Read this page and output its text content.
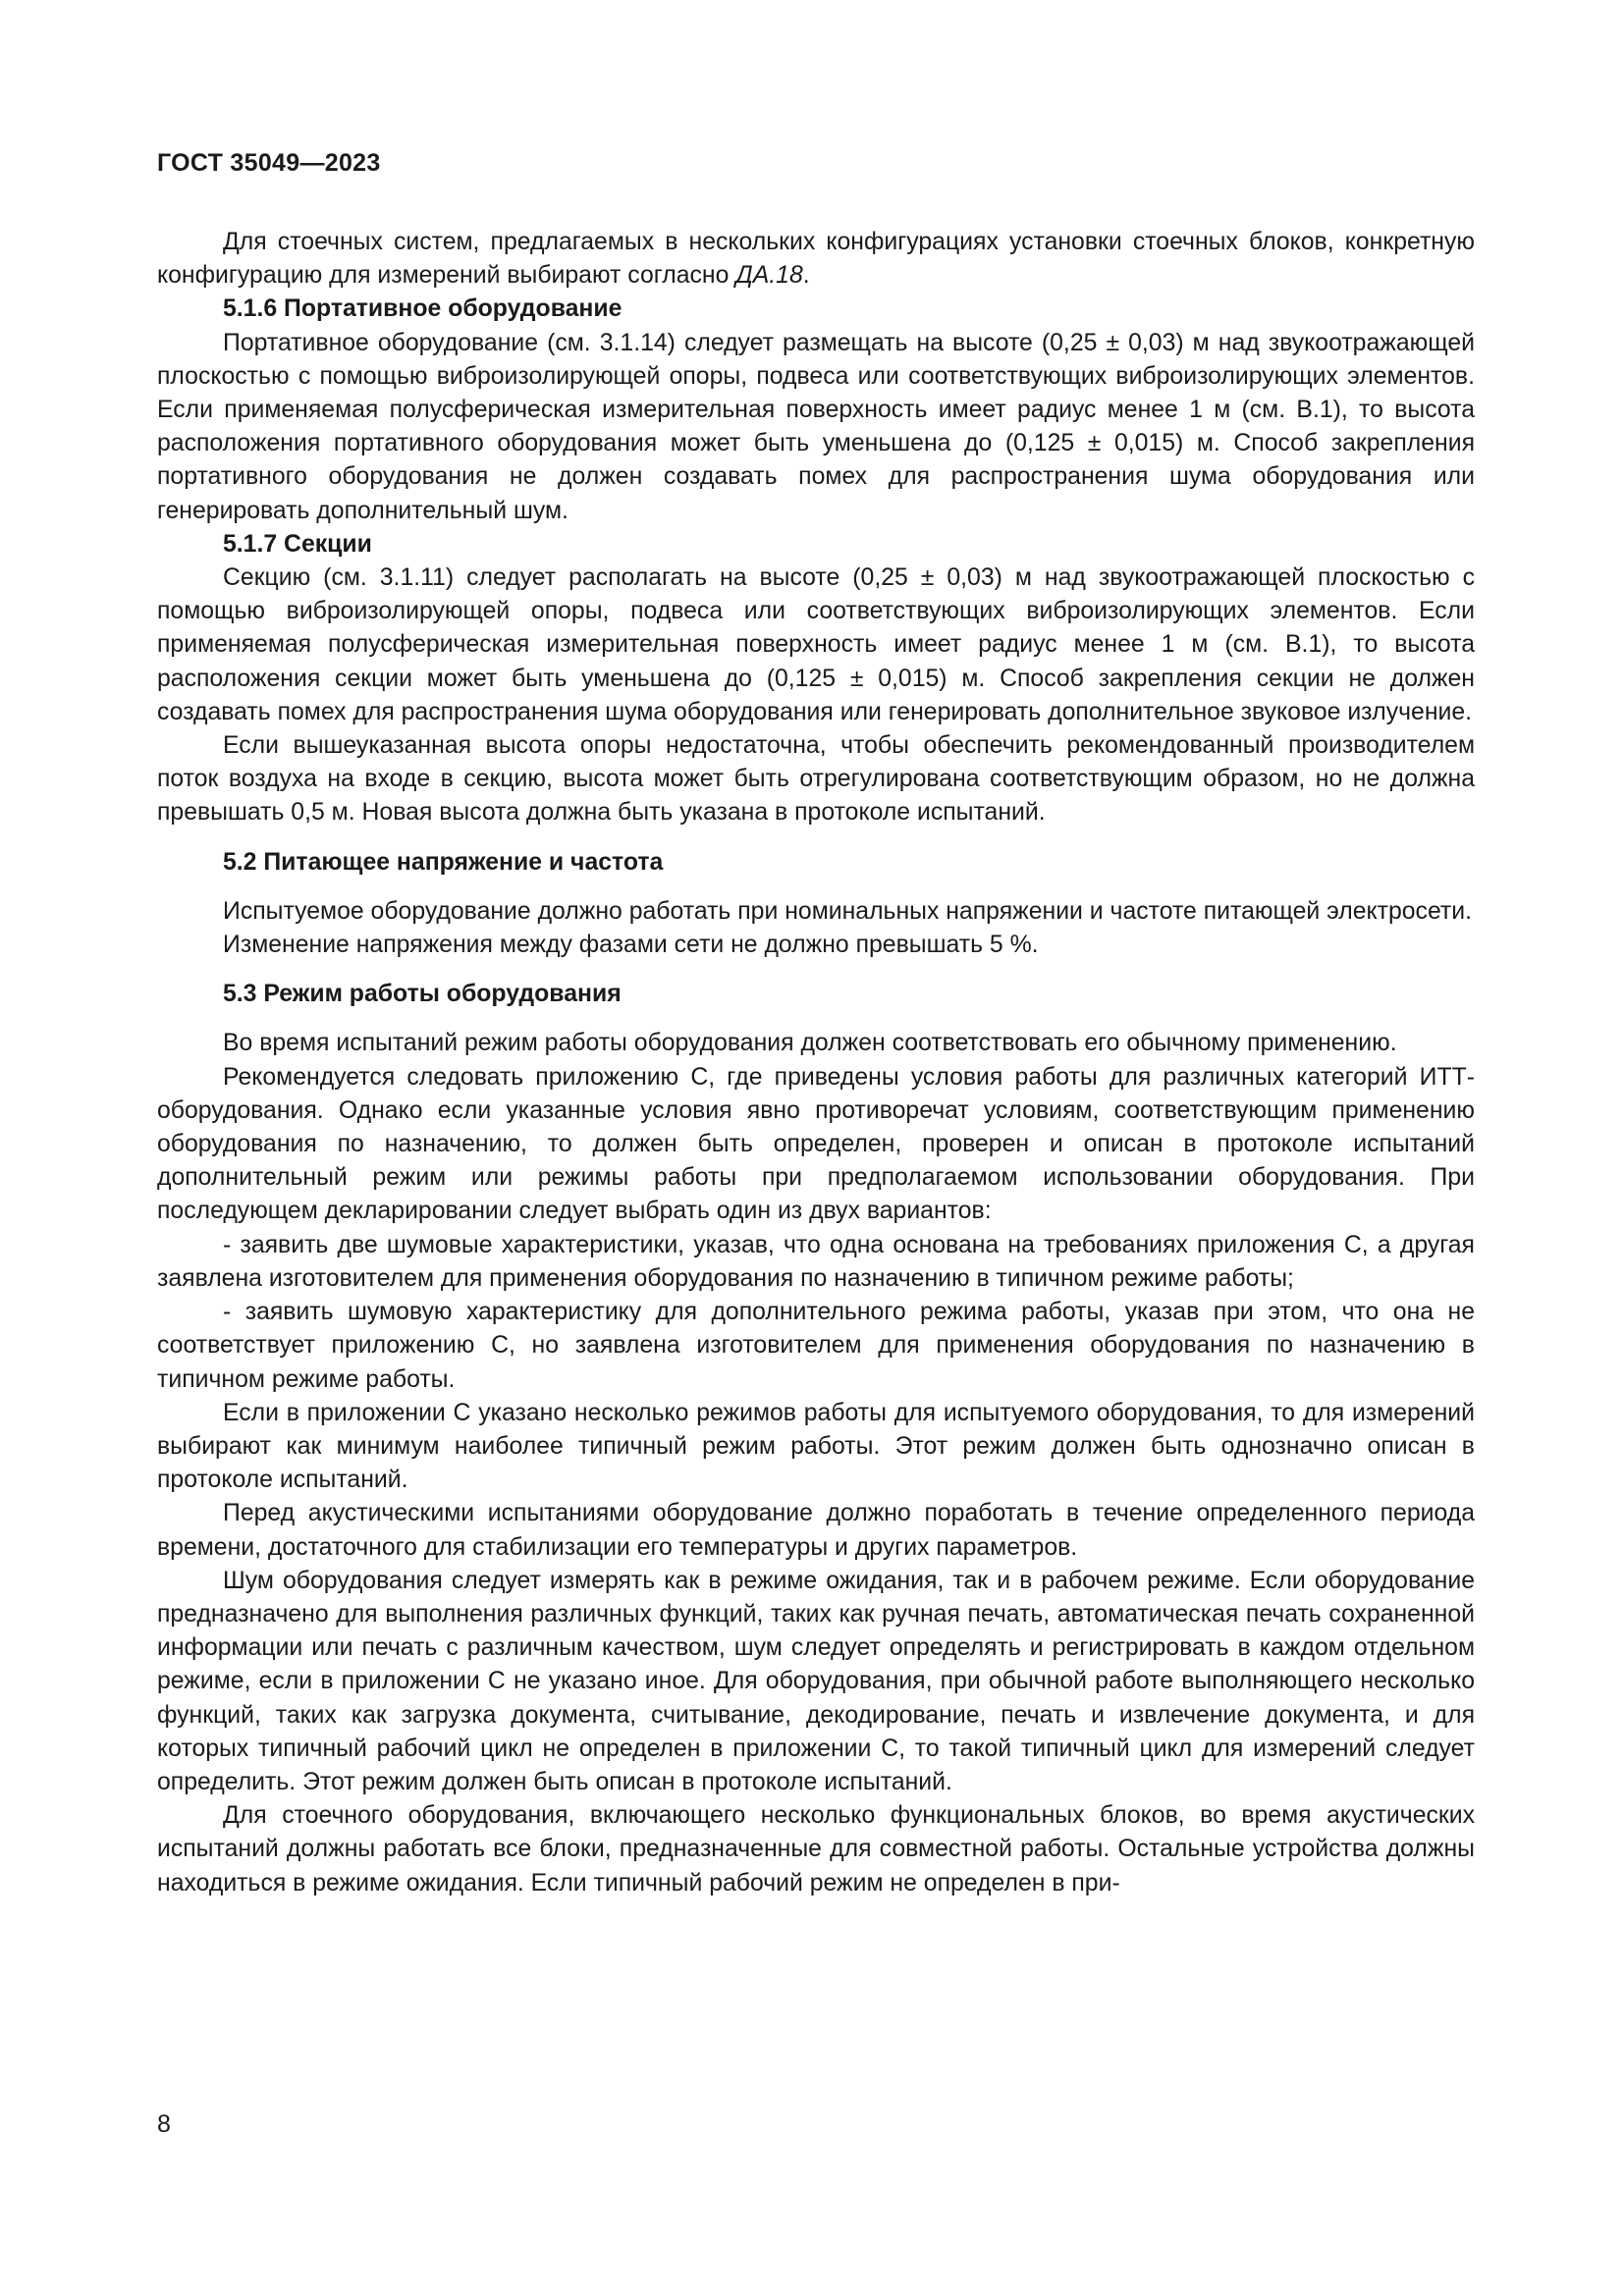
ГОСТ 35049—2023

Для стоечных систем, предлагаемых в нескольких конфигурациях установки стоечных блоков, конкретную конфигурацию для измерений выбирают согласно ДА.18.

5.1.6 Портативное оборудование

Портативное оборудование (см. 3.1.14) следует размещать на высоте (0,25 ± 0,03) м над звукоотражающей плоскостью с помощью виброизолирующей опоры, подвеса или соответствующих виброизолирующих элементов. Если применяемая полусферическая измерительная поверхность имеет радиус менее 1 м (см. В.1), то высота расположения портативного оборудования может быть уменьшена до (0,125 ± 0,015) м. Способ закрепления портативного оборудования не должен создавать помех для распространения шума оборудования или генерировать дополнительный шум.

5.1.7 Секции

Секцию (см. 3.1.11) следует располагать на высоте (0,25 ± 0,03) м над звукоотражающей плоскостью с помощью виброизолирующей опоры, подвеса или соответствующих виброизолирующих элементов. Если применяемая полусферическая измерительная поверхность имеет радиус менее 1 м (см. В.1), то высота расположения секции может быть уменьшена до (0,125 ± 0,015) м. Способ закрепления секции не должен создавать помех для распространения шума оборудования или генерировать дополнительное звуковое излучение.

Если вышеуказанная высота опоры недостаточна, чтобы обеспечить рекомендованный производителем поток воздуха на входе в секцию, высота может быть отрегулирована соответствующим образом, но не должна превышать 0,5 м. Новая высота должна быть указана в протоколе испытаний.

5.2 Питающее напряжение и частота

Испытуемое оборудование должно работать при номинальных напряжении и частоте питающей электросети.

Изменение напряжения между фазами сети не должно превышать 5 %.

5.3 Режим работы оборудования

Во время испытаний режим работы оборудования должен соответствовать его обычному применению.

Рекомендуется следовать приложению С, где приведены условия работы для различных категорий ИТТ-оборудования. Однако если указанные условия явно противоречат условиям, соответствующим применению оборудования по назначению, то должен быть определен, проверен и описан в протоколе испытаний дополнительный режим или режимы работы при предполагаемом использовании оборудования. При последующем декларировании следует выбрать один из двух вариантов:

- заявить две шумовые характеристики, указав, что одна основана на требованиях приложения С, а другая заявлена изготовителем для применения оборудования по назначению в типичном режиме работы;

- заявить шумовую характеристику для дополнительного режима работы, указав при этом, что она не соответствует приложению С, но заявлена изготовителем для применения оборудования по назначению в типичном режиме работы.

Если в приложении С указано несколько режимов работы для испытуемого оборудования, то для измерений выбирают как минимум наиболее типичный режим работы. Этот режим должен быть однозначно описан в протоколе испытаний.

Перед акустическими испытаниями оборудование должно поработать в течение определенного периода времени, достаточного для стабилизации его температуры и других параметров.

Шум оборудования следует измерять как в режиме ожидания, так и в рабочем режиме. Если оборудование предназначено для выполнения различных функций, таких как ручная печать, автоматическая печать сохраненной информации или печать с различным качеством, шум следует определять и регистрировать в каждом отдельном режиме, если в приложении С не указано иное. Для оборудования, при обычной работе выполняющего несколько функций, таких как загрузка документа, считывание, декодирование, печать и извлечение документа, и для которых типичный рабочий цикл не определен в приложении С, то такой типичный цикл для измерений следует определить. Этот режим должен быть описан в протоколе испытаний.

Для стоечного оборудования, включающего несколько функциональных блоков, во время акустических испытаний должны работать все блоки, предназначенные для совместной работы. Остальные устройства должны находиться в режиме ожидания. Если типичный рабочий режим не определен в при-

8
